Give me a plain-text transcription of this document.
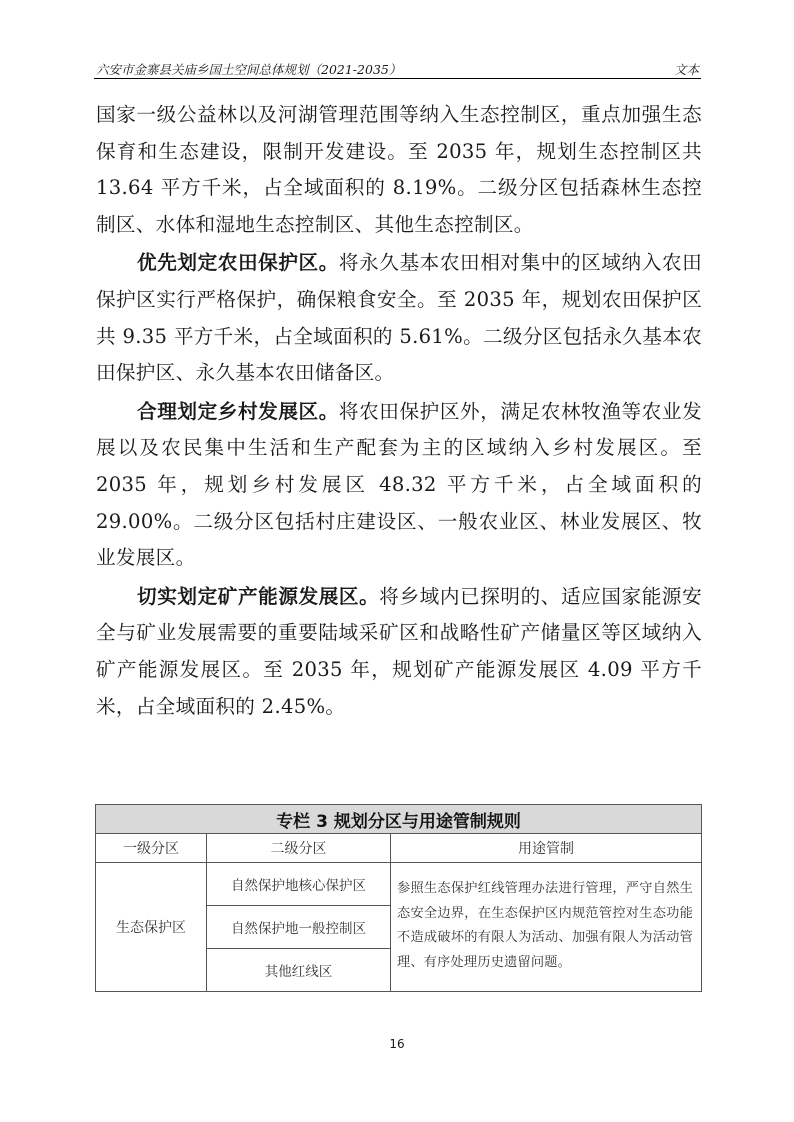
六安市金寨县关庙乡国土空间总体规划（2021-2035）	文本

国家一级公益林以及河湖管理范围等纳入生态控制区，重点加强生态保育和生态建设，限制开发建设。至 2035 年，规划生态控制区共 13.64 平方千米，占全域面积的 8.19%。二级分区包括森林生态控制区、水体和湿地生态控制区、其他生态控制区。

优先划定农田保护区。将永久基本农田相对集中的区域纳入农田保护区实行严格保护，确保粮食安全。至 2035 年，规划农田保护区共 9.35 平方千米，占全域面积的 5.61%。二级分区包括永久基本农田保护区、永久基本农田储备区。

合理划定乡村发展区。将农田保护区外，满足农林牧渔等农业发展以及农民集中生活和生产配套为主的区域纳入乡村发展区。至 2035 年，规划乡村发展区 48.32 平方千米，占全域面积的 29.00%。二级分区包括村庄建设区、一般农业区、林业发展区、牧业发展区。

切实划定矿产能源发展区。将乡域内已探明的、适应国家能源安全与矿业发展需要的重要陆域采矿区和战略性矿产储量区等区域纳入矿产能源发展区。至 2035 年，规划矿产能源发展区 4.09 平方千米，占全域面积的 2.45%。

专栏 3 规划分区与用途管制规则		
一级分区	二级分区	用途管制
生态保护区	自然保护地核心保护区	参照生态保护红线管理办法进行管理，严守自然生态安全边界，在生态保护区内规范管控对生态功能不造成破坏的有限人为活动、加强有限人为活动管理、有序处理历史遗留问题。
	自然保护地一般控制区	
	其他红线区	
16
